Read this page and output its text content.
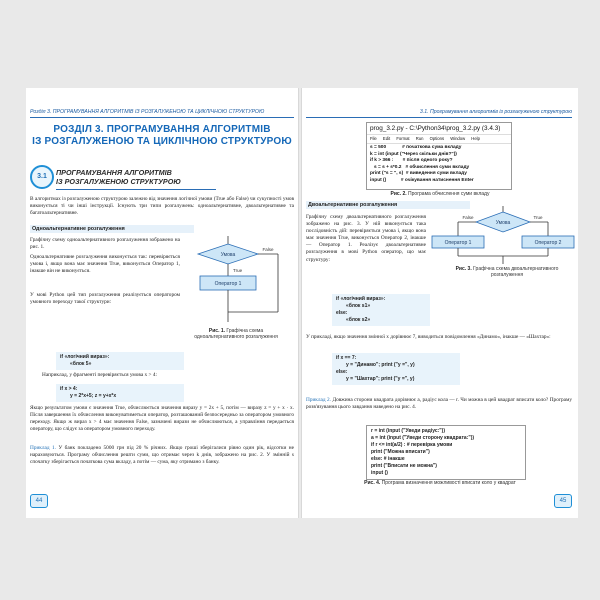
Розділ 3. ПРОГРАМУВАННЯ АЛГОРИТМІВ ІЗ РОЗГАЛУЖЕНОЮ ТА ЦИКЛІЧНОЮ СТРУКТУРОЮ
РОЗДІЛ 3. ПРОГРАМУВАННЯ АЛГОРИТМІВ
ІЗ РОЗГАЛУЖЕНОЮ ТА ЦИКЛІЧНОЮ СТРУКТУРОЮ
3.1	ПРОГРАМУВАННЯ АЛГОРИТМІВ
ІЗ РОЗГАЛУЖЕНОЮ СТРУКТУРОЮ
В алгоритмах із розгалуженою структурою залежно від значення логічної умови (True або False) чи сукупності умов виконується ті чи інші інструкції. Існують три типи розгалужень: одноальтернативне, двоальтернативне та багатоальтернативне.
Одноальтернативне розгалуження
Графічну схему одноальтернативного розгалуження зображено на рис. 1.
Одноальтернативне розгалуження виконується так: перевіряється умова і, якщо вона має значення True, виконується Оператор 1, інакше він не виконується.
У мові Python цей тип розгалуження реалізується оператором умовного переходу такої структури:
Умова
False
True
Оператор 1
Рис. 1. Графічна схема одноальтернативного розгалуження
if «логічний вираз»:
«блок 5»
Наприклад, у фрагменті перевіряється умова x > 4:
if x > 4:
y = 2*x+5; z = y+x*x
Якщо результатом умови є значення True, обчислюється значення виразу y = 2x + 5, потім — виразу z = y + x · x. Після завершення їх обчислення виконуватиметься оператор, розташований безпосередньо за оператором умовного переходу. Якщо ж вираз x > 4 має значення False, зазначені вирази не обчислюються, а управління передається оператору, що слідує за оператором умовного переходу.
Приклад 1. У банк покладено 5000 грн під 20 % річних. Якщо гроші зберігалися рівно один рік, відсотки не нараховуються. Програму обчислення решти суми, що отримає через k днів, зображено на рис. 2. У змінній s спочатку зберігається початкова сума вкладу, а потім — сума, яку отримано з банку.
44
3.1. Програмування алгоритмів із розгалуженою структурою
prog_3.2.py - C:\Python34\prog_3.2.py (3.4.3)
File Edit Format Run Options Window Help
s = 500            # початкова сума вкладу
k = int (input ("Через скільки днів?"))
if k > 366 :       # після одного року?
s = s + s*0.2   # обчислення суми вкладу
print ("s = ", s)  # виведення суми вкладу
input ()           # очікування натиснення Enter
Рис. 2. Програма обчислення суми вкладу
Двоальтернативне розгалуження
Графічну схему двоальтернативного розгалуження зображено на рис. 3. У ній виконується така послідовність дій: перевіряється умова і, якщо вона має значення True, виконується Оператор 2, інакше — Оператор 1. Реалізує двоальтернативне розгалуження в мові Python оператор, що має структуру:
Умова
False	True
Оператор 1	Оператор 2
Рис. 3. Графічна схема двоальтернативного розгалуження
if «логічний вираз»:
«блок s1»
else:
«блок s2»
У прикладі, якщо значення змінної x дорівнює 7, виводиться повідомлення «Динамо», інакше — «Шахтар»:
if x == 7:
y = "Динамо"; print ("y =", y)
else:
y = "Шахтар"; print ("y =", y)
Приклад 2. Довжина сторони квадрата дорівнює a, радіус кола — r. Чи можна в цей квадрат вписати коло? Програму розв'язування цього завдання наведено на рис. 4.
r = int (input ("Уведи радіус:"))
a = int (input ("Уведи сторону квадрата:"))
if r <= int(a/2) : # перевірка умови
print ("Можна вписати")
else: # інакше
print ("Вписати не можна")
input ()
Рис. 4. Програма визначення можливості вписати коло у квадрат
45
